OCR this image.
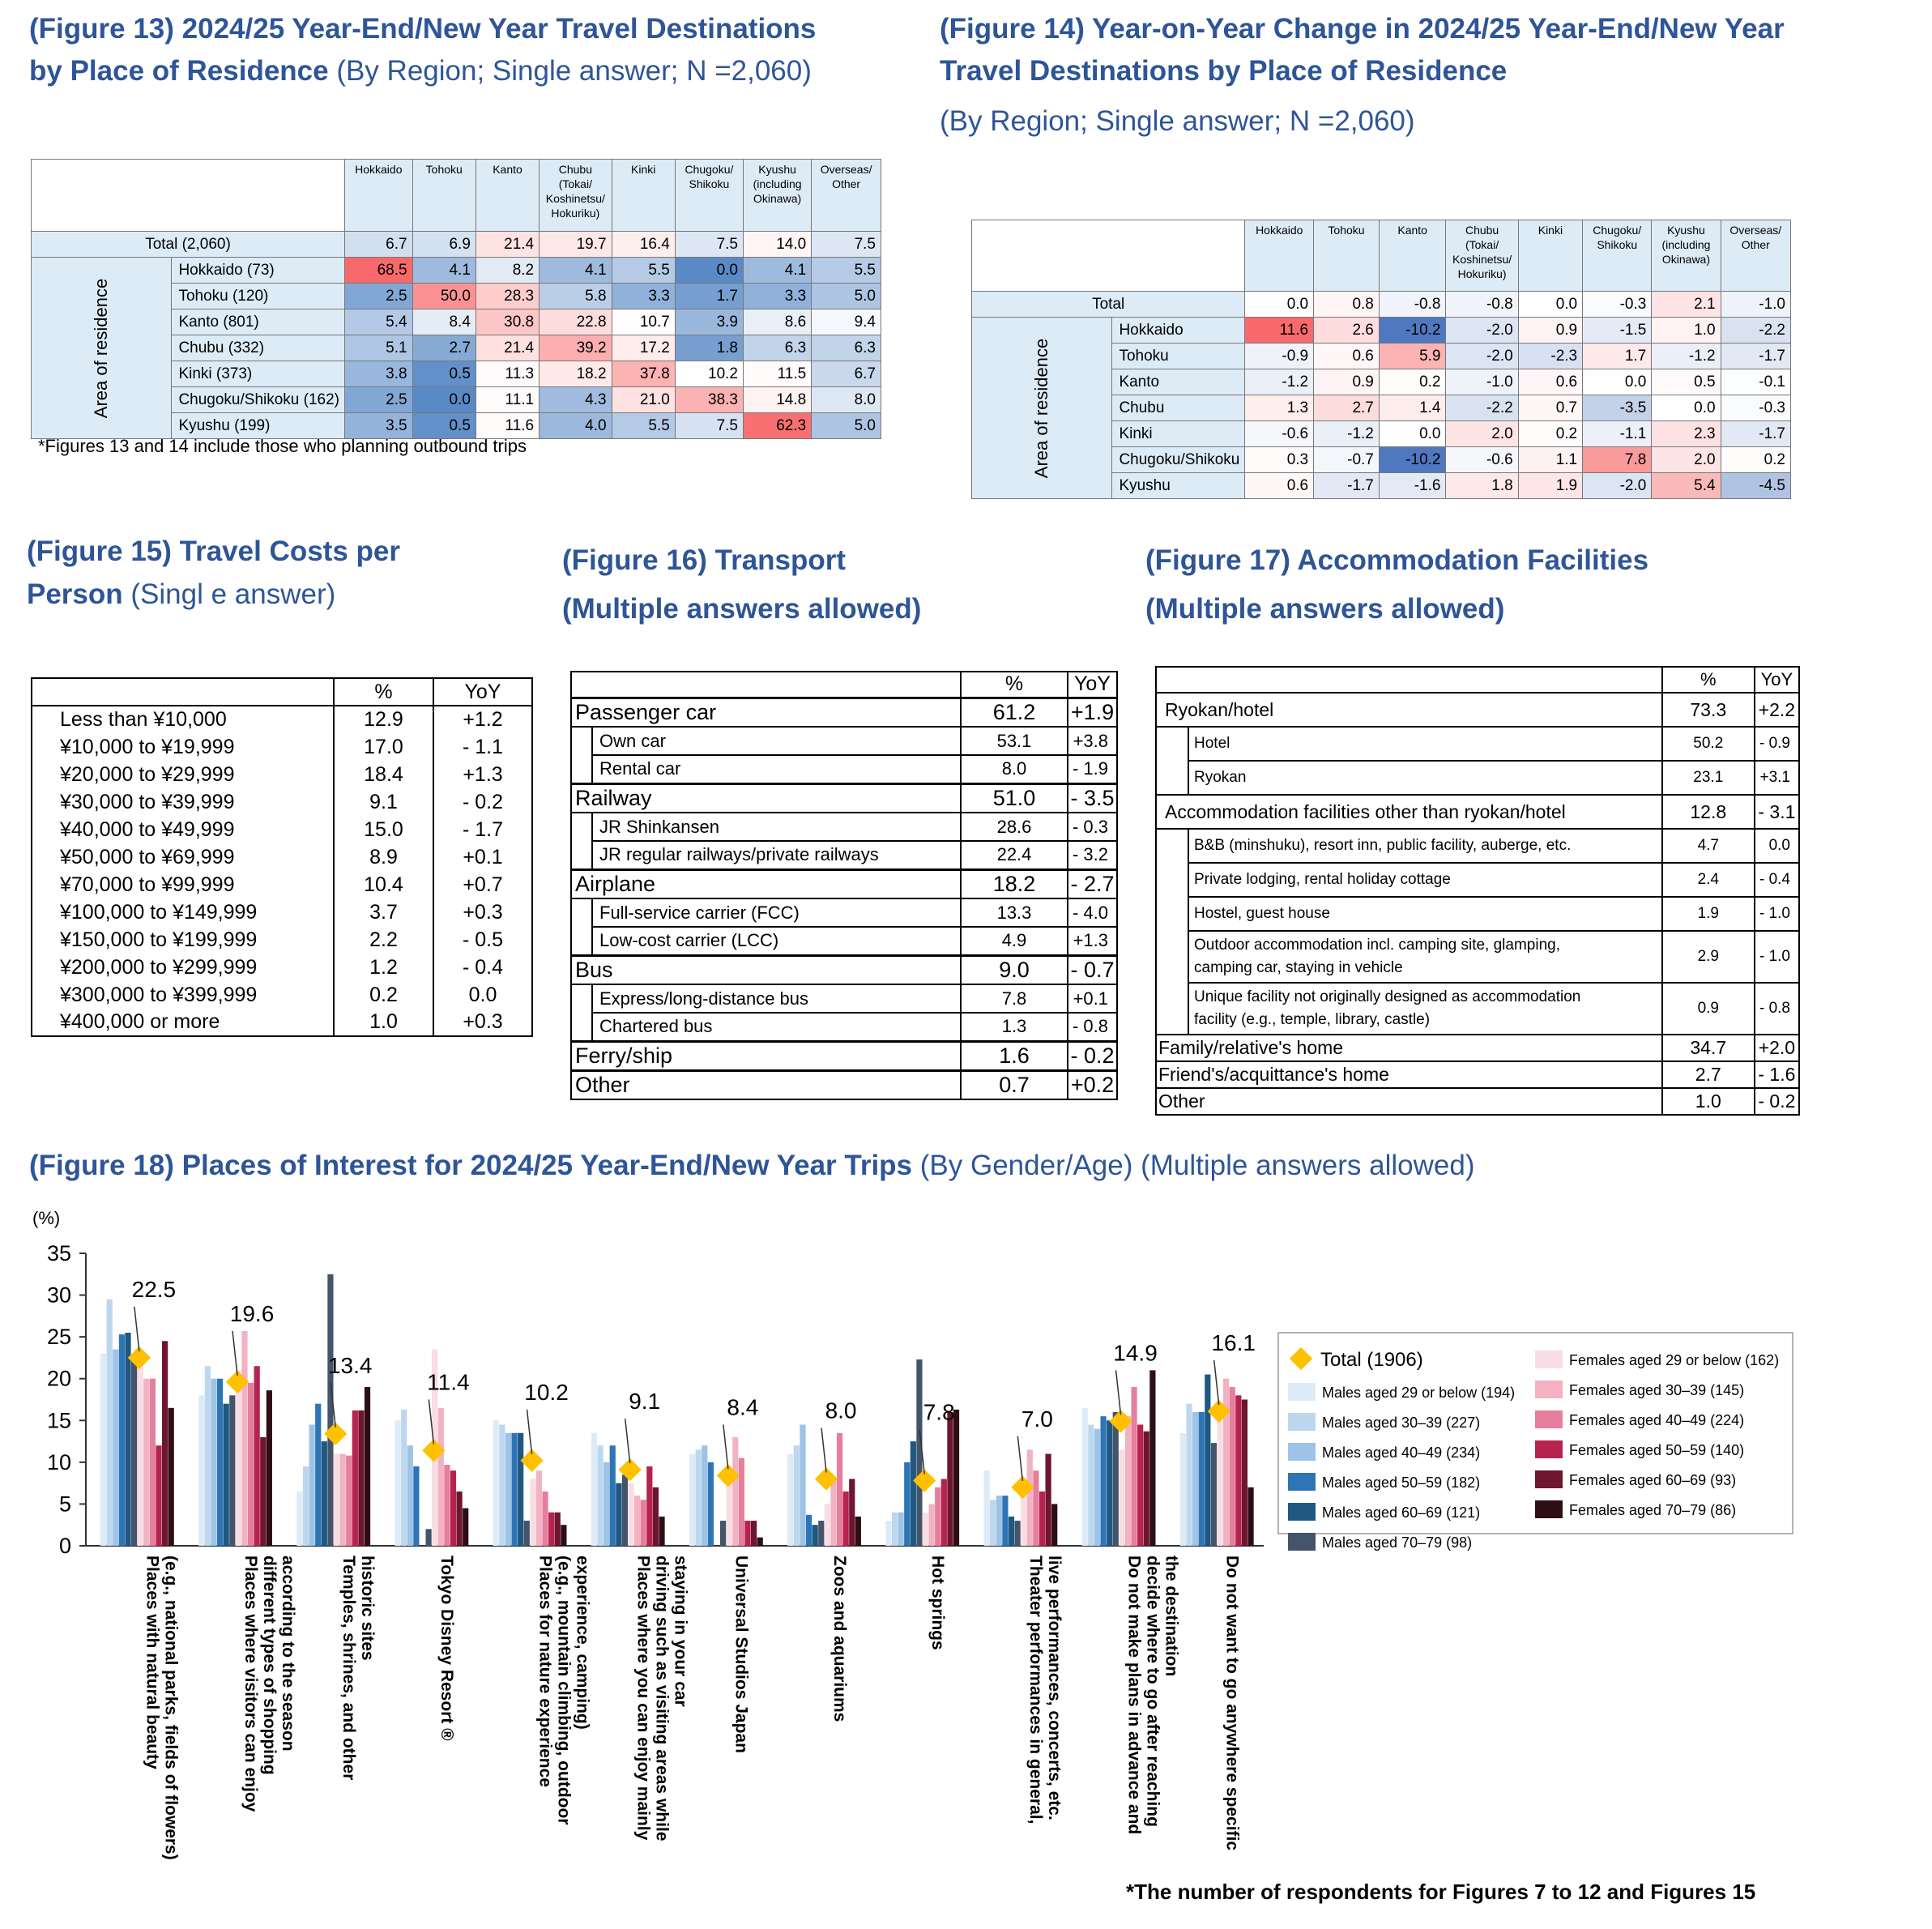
(Figure 13) 2024/25 Year-End/New Year Travel Destinations
by Place of Residence (By Region; Single answer; N =2,060)
		Hokkaido	Tohoku	Kanto	Chubu
(Tokai/
Koshinetsu/
Hokuriku)	Kinki	Chugoku/
Shikoku	Kyushu
(including
Okinawa)	Overseas/
Other
Total (2,060)		6.7	6.9	21.4	19.7	16.4	7.5	14.0	7.5
Area of residence	Hokkaido (73)	68.5	4.1	8.2	4.1	5.5	0.0	4.1	5.5
	Tohoku (120)	2.5	50.0	28.3	5.8	3.3	1.7	3.3	5.0
	Kanto (801)	5.4	8.4	30.8	22.8	10.7	3.9	8.6	9.4
	Chubu (332)	5.1	2.7	21.4	39.2	17.2	1.8	6.3	6.3
	Kinki (373)	3.8	0.5	11.3	18.2	37.8	10.2	11.5	6.7
	Chugoku/Shikoku (162)	2.5	0.0	11.1	4.3	21.0	38.3	14.8	8.0
	Kyushu (199)	3.5	0.5	11.6	4.0	5.5	7.5	62.3	5.0
*Figures 13 and 14 include those who planning outbound trips
(Figure 14) Year-on-Year Change in 2024/25 Year-End/New Year
Travel Destinations by Place of Residence
(By Region; Single answer; N =2,060)
		Hokkaido	Tohoku	Kanto	Chubu
(Tokai/
Koshinetsu/
Hokuriku)	Kinki	Chugoku/
Shikoku	Kyushu
(including
Okinawa)	Overseas/
Other
Total		0.0	0.8	-0.8	-0.8	0.0	-0.3	2.1	-1.0
Area of residence	Hokkaido	11.6	2.6	-10.2	-2.0	0.9	-1.5	1.0	-2.2
	Tohoku	-0.9	0.6	5.9	-2.0	-2.3	1.7	-1.2	-1.7
	Kanto	-1.2	0.9	0.2	-1.0	0.6	0.0	0.5	-0.1
	Chubu	1.3	2.7	1.4	-2.2	0.7	-3.5	0.0	-0.3
	Kinki	-0.6	-1.2	0.0	2.0	0.2	-1.1	2.3	-1.7
	Chugoku/Shikoku	0.3	-0.7	-10.2	-0.6	1.1	7.8	2.0	0.2
	Kyushu	0.6	-1.7	-1.6	1.8	1.9	-2.0	5.4	-4.5
(Figure 15) Travel Costs per
Person (Singl e answer)
	%	YoY
Less than ¥10,000	12.9	+1.2
¥10,000 to ¥19,999	17.0	- 1.1
¥20,000 to ¥29,999	18.4	+1.3
¥30,000 to ¥39,999	9.1	- 0.2
¥40,000 to ¥49,999	15.0	- 1.7
¥50,000 to ¥69,999	8.9	+0.1
¥70,000 to ¥99,999	10.4	+0.7
¥100,000 to ¥149,999	3.7	+0.3
¥150,000 to ¥199,999	2.2	- 0.5
¥200,000 to ¥299,999	1.2	- 0.4
¥300,000 to ¥399,999	0.2	0.0
¥400,000 or more	1.0	+0.3
(Figure 16) Transport
(Multiple answers allowed)
		%	YoY
Passenger car		61.2	+1.9
	Own car	53.1	+3.8
	Rental car	8.0	- 1.9
Railway		51.0	- 3.5
	JR Shinkansen	28.6	- 0.3
	JR regular railways/private railways	22.4	- 3.2
Airplane		18.2	- 2.7
	Full-service carrier (FCC)	13.3	- 4.0
	Low-cost carrier (LCC)	4.9	+1.3
Bus		9.0	- 0.7
	Express/long-distance bus	7.8	+0.1
	Chartered bus	1.3	- 0.8
Ferry/ship		1.6	- 0.2
Other		0.7	+0.2
(Figure 17) Accommodation Facilities
(Multiple answers allowed)
		%	YoY
Ryokan/hotel		73.3	+2.2
	Hotel	50.2	- 0.9
	Ryokan	23.1	+3.1
Accommodation facilities other than ryokan/hotel		12.8	- 3.1
	B&B (minshuku), resort inn, public facility, auberge, etc.	4.7	0.0
	Private lodging, rental holiday cottage	2.4	- 0.4
	Hostel, guest house	1.9	- 1.0
	Outdoor accommodation incl. camping site, glamping,
camping car, staying in vehicle	2.9	- 1.0
	Unique facility not originally designed as accommodation
facility (e.g., temple, library, castle)	0.9	- 0.8
Family/relative's home		34.7	+2.0
Friend's/acquittance's home		2.7	- 1.6
Other		1.0	- 0.2
(Figure 18) Places of Interest for 2024/25 Year-End/New Year Trips (By Gender/Age) (Multiple answers allowed)
(%)
0
5
10
15
20
25
30
35
22.5
Places with natural beauty (e.g., national parks, fields of flowers)
19.6
Places where visitors can enjoy different types of shopping according to the season
13.4
Temples, shrines, and other historic sites
11.4
Tokyo Disney Resort ®
10.2
Places for nature experience (e.g., mountain climbing, outdoor experience, camping)
9.1
Places where you can enjoy mainly driving such as visiting areas while staying in your car
8.4
Universal Studios Japan
8.0
Zoos and aquariums
7.8
Hot springs
7.0
Theater performances in general, live performances, concerts, etc.
14.9
Do not make plans in advance and decide where to go after reaching the destination
16.1
Do not want to go anywhere specific
Total (1906)
Males aged 29 or below (194)
Males aged 30–39 (227)
Males aged 40–49 (234)
Males aged 50–59 (182)
Males aged 60–69 (121)
Males aged 70–79 (98)
Females aged 29 or below (162)
Females aged 30–39 (145)
Females aged 40–49 (224)
Females aged 50–59 (140)
Females aged 60–69 (93)
Females aged 70–79 (86)
*The number of respondents for Figures 7 to 12 and Figures 15
